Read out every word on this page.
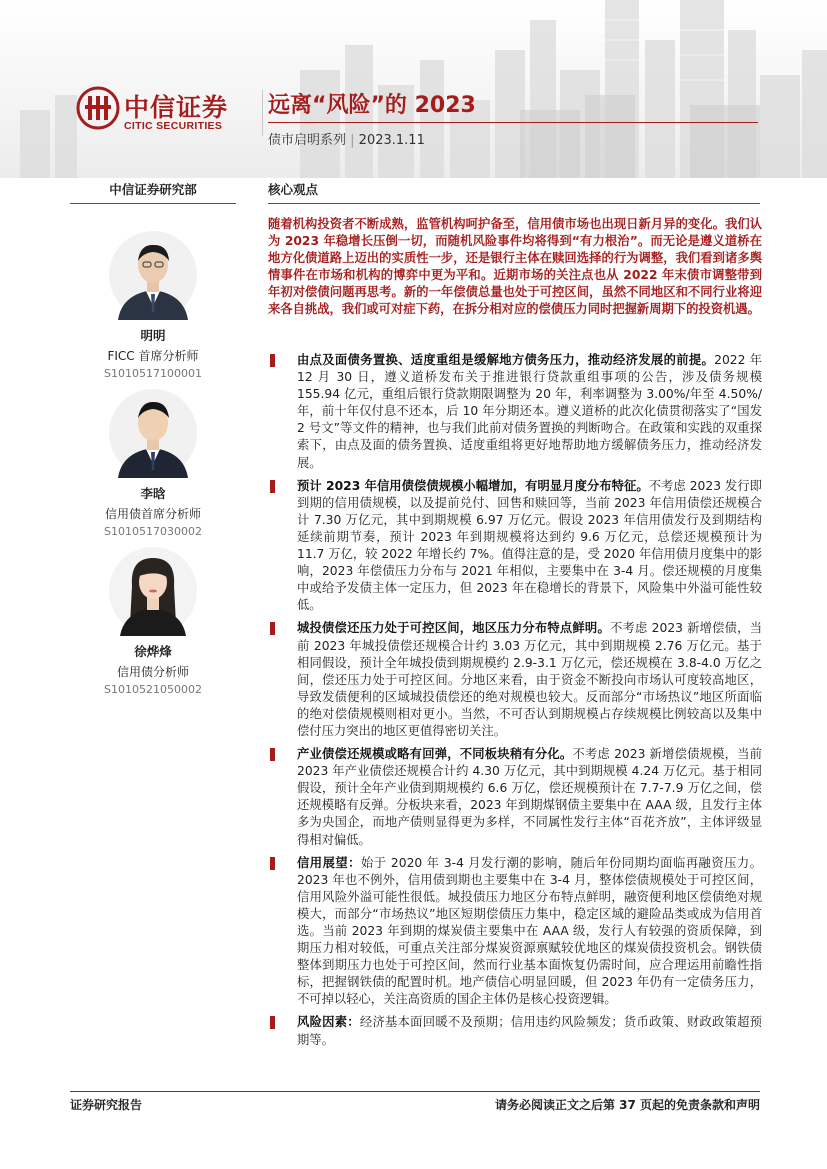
中信证券
CITIC SECURITIES
远离“风险”的 2023
债市启明系列 | 2023.1.11
中信证券研究部
明明
FICC 首席分析师
S1010517100001
李晗
信用债首席分析师
S1010517030002
徐烨烽
信用债分析师
S1010521050002
核心观点
随着机构投资者不断成熟，监管机构呵护备至，信用债市场也出现日新月异的变化。我们认为 2023 年稳增长压倒一切，而随机风险事件均将得到“有力根治”。而无论是遵义道桥在地方化债道路上迈出的实质性一步，还是银行主体在赎回选择的行为调整，我们看到诸多舆情事件在市场和机构的博弈中更为平和。近期市场的关注点也从 2022 年末债市调整带到年初对偿债问题再思考。新的一年偿债总量也处于可控区间，虽然不同地区和不同行业将迎来各自挑战，我们或可对症下药，在拆分相对应的偿债压力同时把握新周期下的投资机遇。
由点及面债务置换、适度重组是缓解地方债务压力，推动经济发展的前提。2022 年 12 月 30 日，遵义道桥发布关于推进银行贷款重组事项的公告，涉及债务规模 155.94 亿元，重组后银行贷款期限调整为 20 年，利率调整为 3.00%/年至 4.50%/年，前十年仅付息不还本，后 10 年分期还本。遵义道桥的此次化债贯彻落实了“国发 2 号文”等文件的精神，也与我们此前对债务置换的判断吻合。在政策和实践的双重探索下，由点及面的债务置换、适度重组将更好地帮助地方缓解债务压力，推动经济发展。
预计 2023 年信用债偿债规模小幅增加，有明显月度分布特征。不考虑 2023 发行即到期的信用债规模，以及提前兑付、回售和赎回等，当前 2023 年信用债偿还规模合计 7.30 万亿元，其中到期规模 6.97 万亿元。假设 2023 年信用债发行及到期结构延续前期节奏，预计 2023 年到期规模将达到约 9.6 万亿元，总偿还规模预计为 11.7 万亿，较 2022 年增长约 7%。值得注意的是，受 2020 年信用债月度集中的影响，2023 年偿债压力分布与 2021 年相似，主要集中在 3-4 月。偿还规模的月度集中或给予发债主体一定压力，但 2023 年在稳增长的背景下，风险集中外溢可能性较低。
城投债偿还压力处于可控区间，地区压力分布特点鲜明。不考虑 2023 新增偿债，当前 2023 年城投债偿还规模合计约 3.03 万亿元，其中到期规模 2.76 万亿元。基于相同假设，预计全年城投债到期规模约 2.9-3.1 万亿元，偿还规模在 3.8-4.0 万亿之间，偿还压力处于可控区间。分地区来看，由于资金不断投向市场认可度较高地区，导致发债便利的区域城投债偿还的绝对规模也较大。反而部分“市场热议”地区所面临的绝对偿债规模则相对更小。当然，不可否认到期规模占存续规模比例较高以及集中偿付压力突出的地区更值得密切关注。
产业债偿还规模或略有回弹，不同板块稍有分化。不考虑 2023 新增偿债规模，当前 2023 年产业债偿还规模合计约 4.30 万亿元，其中到期规模 4.24 万亿元。基于相同假设，预计全年产业债到期规模约 6.6 万亿，偿还规模预计在 7.7-7.9 万亿之间，偿还规模略有反弹。分板块来看，2023 年到期煤钢债主要集中在 AAA 级，且发行主体多为央国企，而地产债则显得更为多样，不同属性发行主体“百花齐放”，主体评级显得相对偏低。
信用展望：始于 2020 年 3-4 月发行潮的影响，随后年份同期均面临再融资压力。2023 年也不例外，信用债到期也主要集中在 3-4 月，整体偿债规模处于可控区间，信用风险外溢可能性很低。城投债压力地区分布特点鲜明，融资便利地区偿债绝对规模大，而部分“市场热议”地区短期偿债压力集中，稳定区域的避险品类或成为信用首选。当前 2023 年到期的煤炭债主要集中在 AAA 级，发行人有较强的资质保障，到期压力相对较低，可重点关注部分煤炭资源禀赋较优地区的煤炭债投资机会。钢铁债整体到期压力也处于可控区间，然而行业基本面恢复仍需时间，应合理运用前瞻性指标，把握钢铁债的配置时机。地产债信心明显回暖，但 2023 年仍有一定债务压力，不可掉以轻心，关注高资质的国企主体仍是核心投资逻辑。
风险因素：经济基本面回暖不及预期；信用违约风险频发；货币政策、财政政策超预期等。
证券研究报告	请务必阅读正文之后第 37 页起的免责条款和声明
